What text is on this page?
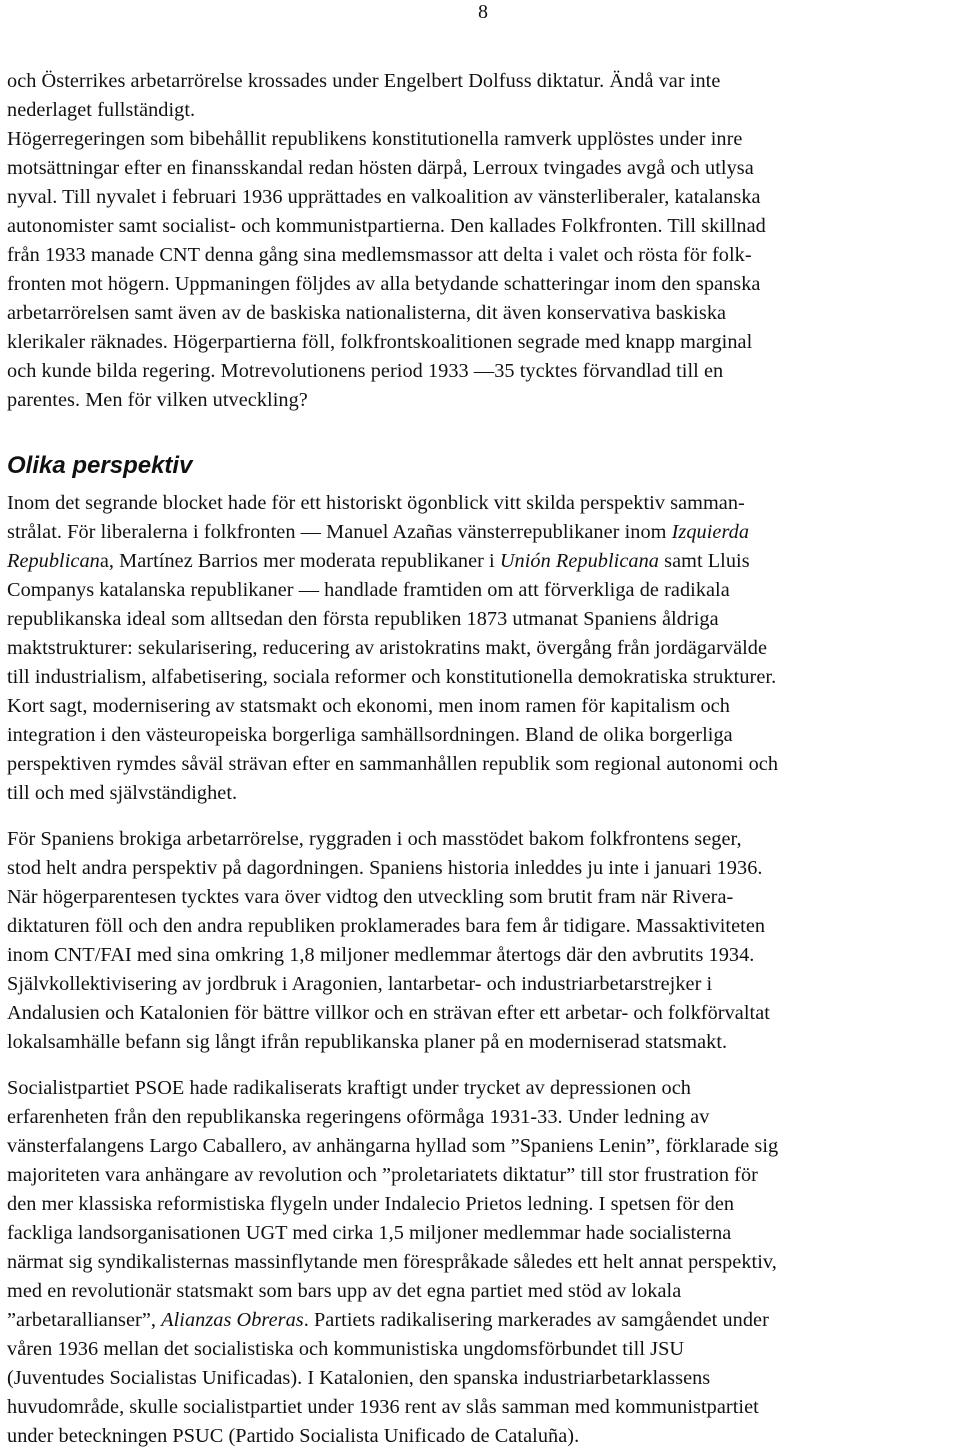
8

och Österrikes arbetarrörelse krossades under Engelbert Dolfuss diktatur. Ändå var inte
nederlaget fullständigt.
Högerregeringen som bibehållit republikens konstitutionella ramverk upplöstes under inre
motsättningar efter en finansskandal redan hösten därpå, Lerroux tvingades avgå och utlysa
nyval. Till nyvalet i februari 1936 upprättades en valkoalition av vänsterliberaler, katalanska
autonomister samt socialist- och kommunistpartierna. Den kallades Folkfronten. Till skillnad
från 1933 manade CNT denna gång sina medlemsmassor att delta i valet och rösta för folk-
fronten mot högern. Uppmaningen följdes av alla betydande schatteringar inom den spanska
arbetarrörelsen samt även av de baskiska nationalisterna, dit även konservativa baskiska
klerikaler räknades. Högerpartierna föll, folkfrontskoalitionen segrade med knapp marginal
och kunde bilda regering. Motrevolutionens period 1933 —35 tycktes förvandlad till en
parentes. Men för vilken utveckling?

Olika perspektiv

Inom det segrande blocket hade för ett historiskt ögonblick vitt skilda perspektiv samman-
strålat. För liberalerna i folkfronten — Manuel Azañas vänsterrepublikaner inom Izquierda
Republicana, Martínez Barrios mer moderata republikaner i Unión Republicana samt Lluis
Companys katalanska republikaner — handlade framtiden om att förverkliga de radikala
republikanska ideal som alltsedan den första republiken 1873 utmanat Spaniens åldriga
maktstrukturer: sekularisering, reducering av aristokratins makt, övergång från jordägarvälde
till industrialism, alfabetisering, sociala reformer och konstitutionella demokratiska strukturer.
Kort sagt, modernisering av statsmakt och ekonomi, men inom ramen för kapitalism och
integration i den västeuropeiska borgerliga samhällsordningen. Bland de olika borgerliga
perspektiven rymdes såväl strävan efter en sammanhållen republik som regional autonomi och
till och med självständighet.

För Spaniens brokiga arbetarrörelse, ryggraden i och masstödet bakom folkfrontens seger,
stod helt andra perspektiv på dagordningen. Spaniens historia inleddes ju inte i januari 1936.
När högerparentesen tycktes vara över vidtog den utveckling som brutit fram när Rivera-
diktaturen föll och den andra republiken proklamerades bara fem år tidigare. Massaktiviteten
inom CNT/FAI med sina omkring 1,8 miljoner medlemmar återtogs där den avbrutits 1934.
Självkollektivisering av jordbruk i Aragonien, lantarbetar- och industriarbetarstrejker i
Andalusien och Katalonien för bättre villkor och en strävan efter ett arbetar- och folkförvaltat
lokalsamhälle befann sig långt ifrån republikanska planer på en moderniserad statsmakt.

Socialistpartiet PSOE hade radikaliserats kraftigt under trycket av depressionen och
erfarenheten från den republikanska regeringens oförmåga 1931-33. Under ledning av
vänsterfalangens Largo Caballero, av anhängarna hyllad som ”Spaniens Lenin”, förklarade sig
majoriteten vara anhängare av revolution och ”proletariatets diktatur” till stor frustration för
den mer klassiska reformistiska flygeln under Indalecio Prietos ledning. I spetsen för den
fackliga landsorganisationen UGT med cirka 1,5 miljoner medlemmar hade socialisterna
närmat sig syndikalisternas massinflytande men förespråkade således ett helt annat perspektiv,
med en revolutionär statsmakt som bars upp av det egna partiet med stöd av lokala
”arbetarallianser”, Alianzas Obreras. Partiets radikalisering markerades av samgåendet under
våren 1936 mellan det socialistiska och kommunistiska ungdomsförbundet till JSU
(Juventudes Socialistas Unificadas). I Katalonien, den spanska industriarbetarklassens
huvudområde, skulle socialistpartiet under 1936 rent av slås samman med kommunistpartiet
under beteckningen PSUC (Partido Socialista Unificado de Cataluña).
